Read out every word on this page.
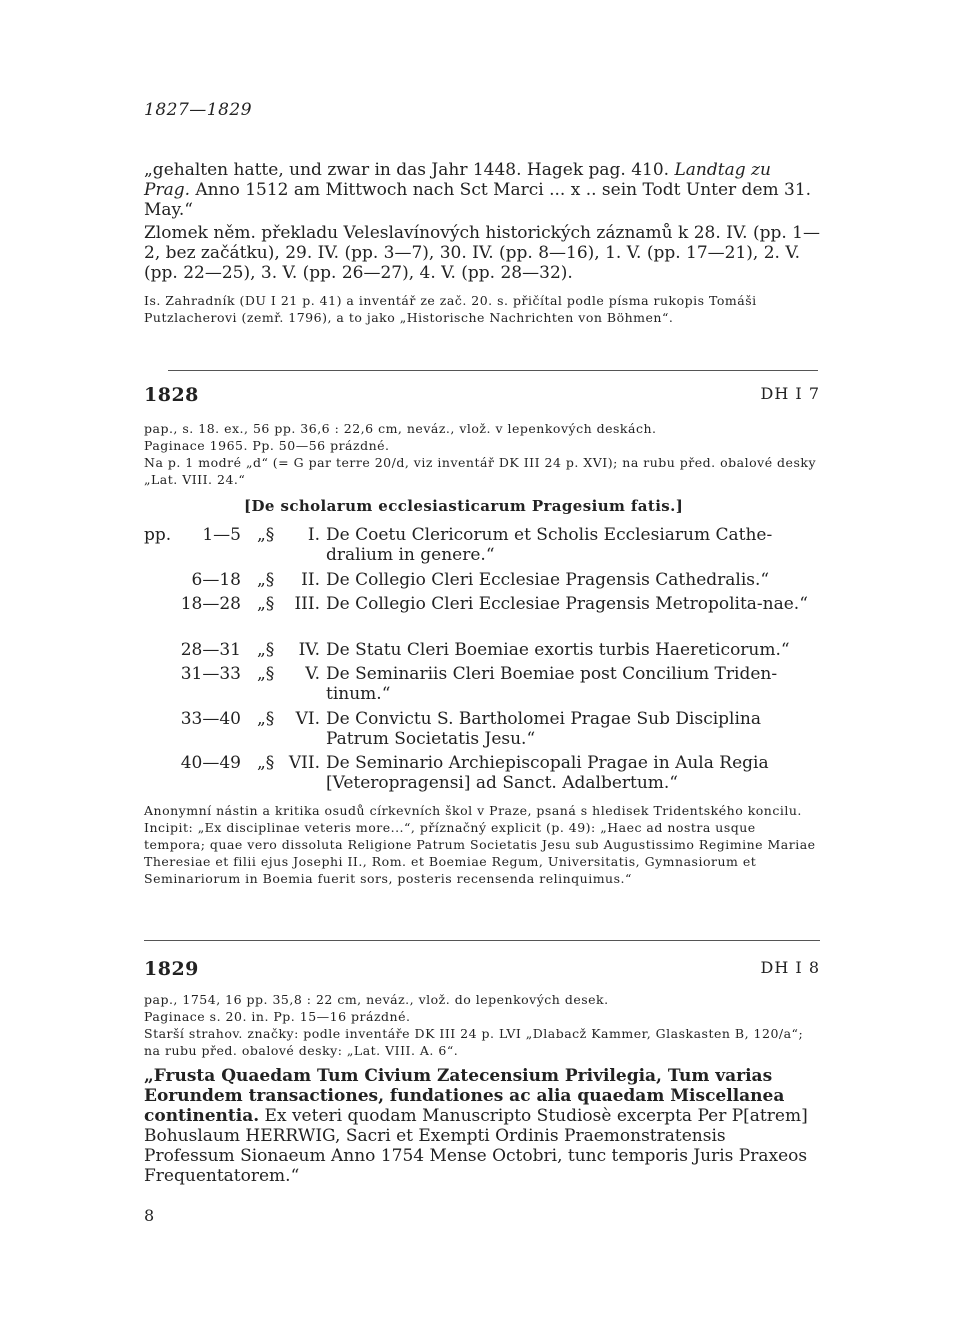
1827—1829
„gehalten hatte, und zwar in das Jahr 1448. Hagek pag. 410. Landtag zu Prag. Anno 1512 am Mittwoch nach Sct Marci ... x .. sein Todt Unter dem 31. May.“
Zlomek něm. překladu Veleslavínových historických záznamů k 28. IV. (pp. 1—2, bez začátku), 29. IV. (pp. 3—7), 30. IV. (pp. 8—16), 1. V. (pp. 17—21), 2. V. (pp. 22—25), 3. V. (pp. 26—27), 4. V. (pp. 28—32).
Is. Zahradník (DU I 21 p. 41) a inventář ze zač. 20. s. přičítal podle písma rukopis Tomáši Putzlacherovi (zemř. 1796), a to jako „Historische Nachrichten von Böhmen“.
1828	DH I 7
pap., s. 18. ex., 56 pp. 36,6 : 22,6 cm, neváz., vlož. v lepenkových deskách.
Paginace 1965. Pp. 50—56 prázdné.
Na p. 1 modré „d“ (= G par terre 20/d, viz inventář DK III 24 p. XVI); na rubu před. obalové desky „Lat. VIII. 24.“
[De scholarum ecclesiasticarum Pragesium fatis.]
pp.	1—5 „§	I. De Coetu Clericorum et Scholis Ecclesiarum Cathe-dralium in genere.“
6—18 „§	II. De Collegio Cleri Ecclesiae Pragensis Cathedralis.“
18—28 „§	III. De Collegio Cleri Ecclesiae Pragensis Metropolita-nae.“
28—31 „§	IV. De Statu Cleri Boemiae exortis turbis Haereticorum.“
31—33 „§	V. De Seminariis Cleri Boemiae post Concilium Triden-tinum.“
33—40 „§	VI. De Convictu S. Bartholomei Pragae Sub Disciplina Patrum Societatis Jesu.“
40—49 „§ VII. De Seminario Archiepiscopali Pragae in Aula Regia [Veteropragensi] ad Sanct. Adalbertum.“
Anonymní nástin a kritika osudů církevních škol v Praze, psaná s hledisek Tridentského koncilu. Incipit: „Ex disciplinae veteris more...“, příznačný explicit (p. 49): „Haec ad nostra usque tempora; quae vero dissoluta Religione Patrum Societatis Jesu sub Augustissimo Regimine Mariae Theresiae et filii ejus Josephi II., Rom. et Boemiae Regum, Universitatis, Gymnasiorum et Seminariorum in Boemia fuerit sors, posteris recensenda relinquimus.“
1829	DH I 8
pap., 1754, 16 pp. 35,8 : 22 cm, neváz., vlož. do lepenkových desek.
Paginace s. 20. in. Pp. 15—16 prázdné.
Starší strahov. značky: podle inventáře DK III 24 p. LVI „Dlabacž Kammer, Glaskasten B, 120/a“; na rubu před. obalové desky: „Lat. VIII. A. 6“.
„Frusta Quaedam Tum Civium Zatecensium Privilegia, Tum varias Eorundem transactiones, fundationes ac alia quaedam Miscellanea continentia. Ex veteri quodam Manuscripto Studiosè excerpta Per P[atrem] Bohuslaum HERRWIG, Sacri et Exempti Ordinis Praemonstratensis Professum Sionaeum Anno 1754 Mense Octobri, tunc temporis Juris Praxeos Frequentatorem.“
8
